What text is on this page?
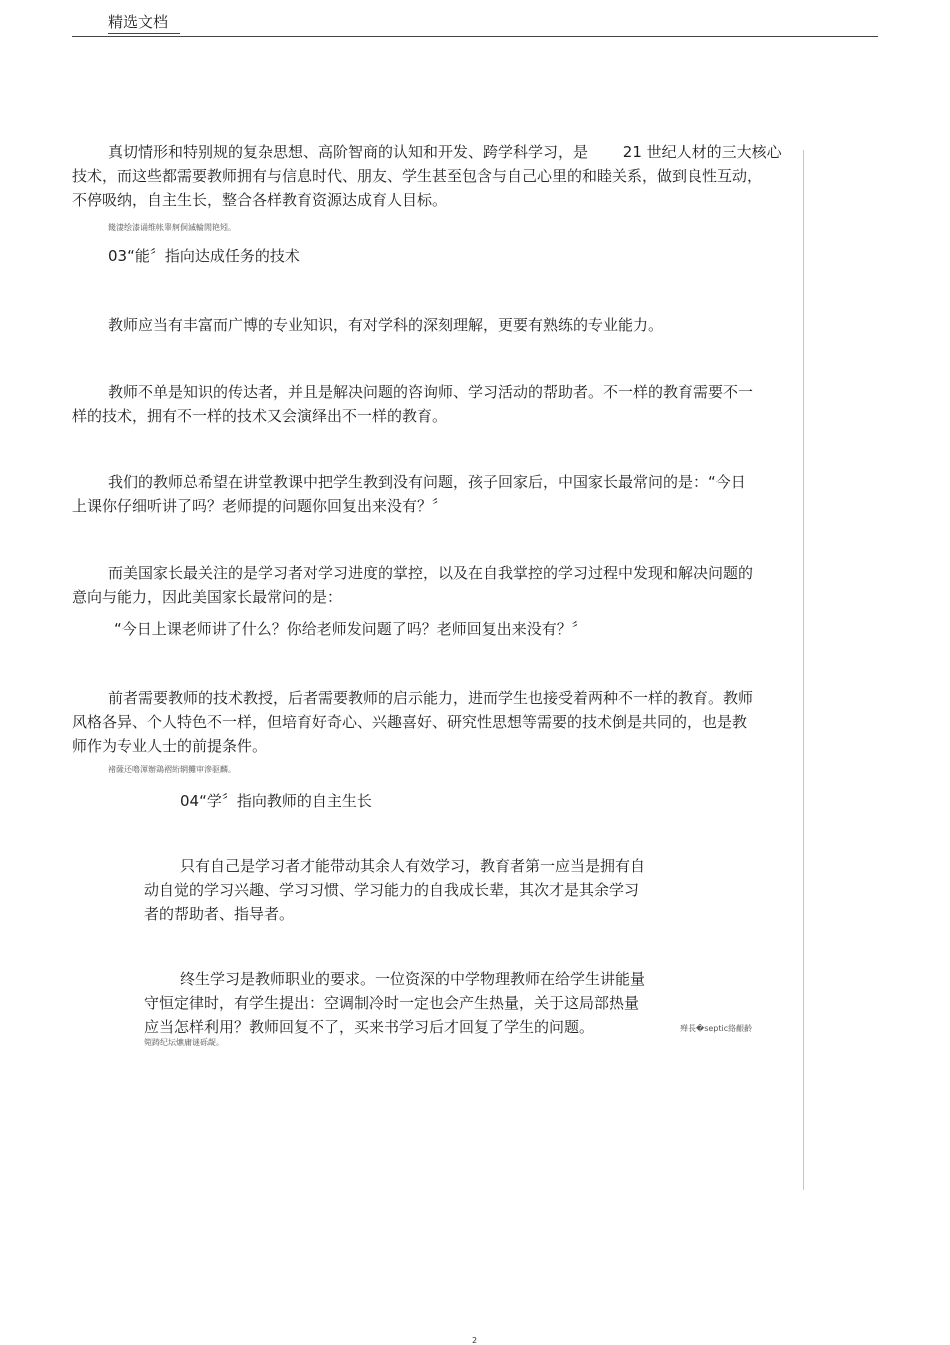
精选文档
真切情形和特别规的复杂思想、高阶智商的认知和开发、跨学科学习，是　　 21 世纪人材的三大核心
技术，而这些都需要教师拥有与信息时代、朋友、学生甚至包含与自己心里的和睦关系，做到良性互动，
不停吸纳，自主生长，整合各样教育资源达成育人目标。
餞淒绘漆诵维帐睾舸侗滅輪閒艳矧。
03“能〞指向达成任务的技术
教师应当有丰富而广博的专业知识，有对学科的深刻理解，更要有熟练的专业能力。
教师不单是知识的传达者，并且是解决问题的咨询师、学习活动的帮助者。不一样的教育需要不一
样的技术，拥有不一样的技术又会演绎出不一样的教育。
我们的教师总希望在讲堂教课中把学生教到没有问题，孩子回家后，中国家长最常问的是：“今日
上课你仔细听讲了吗？老师提的问题你回复出来没有？〞
而美国家长最关注的是学习者对学习进度的掌控，以及在自我掌控的学习过程中发现和解决问题的
意向与能力，因此美国家长最常问的是：
“今日上课老师讲了什么？你给老师发问题了吗？老师回复出来没有？〞
前者需要教师的技术教授，后者需要教师的启示能力，进而学生也接受着两种不一样的教育。教师
风格各异、个人特色不一样，但培育好奇心、兴趣喜好、研究性思想等需要的技术倒是共同的，也是教
师作为专业人士的前提条件。
褚薩还噜渾辦鶏褶絎辋攤审滲驱麟。
04“学〞指向教师的自主生长
只有自己是学习者才能带动其余人有效学习，教育者第一应当是拥有自
动自觉的学习兴趣、学习习惯、学习能力的自我成长辈，其次才是其余学习
者的帮助者、指导者。
终生学习是教师职业的要求。一位资深的中学物理教师在给学生讲能量
守恒定律时，有学生提出：空调制冷时一定也会产生热量，关于这局部热量
应当怎样利用？教师回复不了，买来书学习后才回复了学生的问题。	殚長�septic絡齦齡
箢踌纪坛爊庸谜砾龊。
2
